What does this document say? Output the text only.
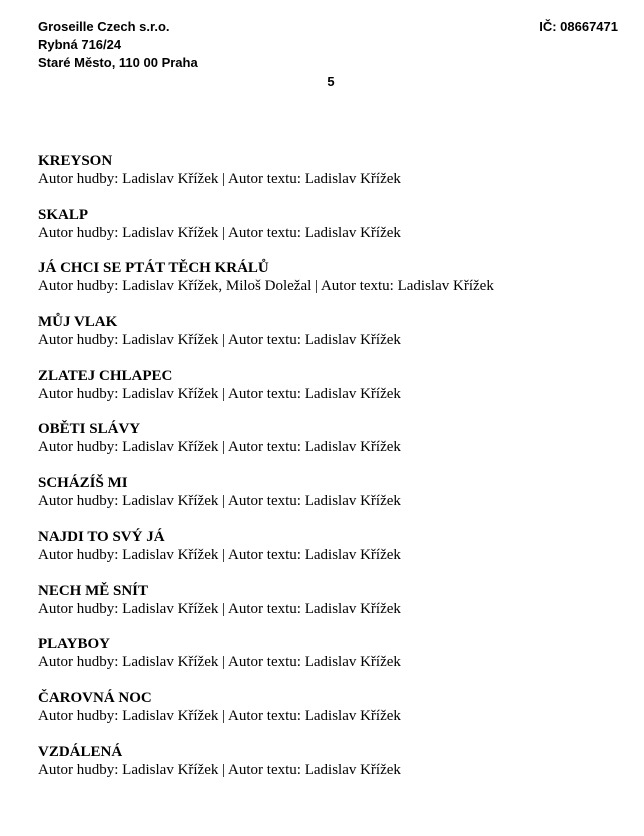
Groseille Czech s.r.o.
Rybná 716/24
Staré Město, 110 00 Praha
IČ: 08667471
5
KREYSON
Autor hudby: Ladislav Křížek | Autor textu: Ladislav Křížek
SKALP
Autor hudby: Ladislav Křížek | Autor textu: Ladislav Křížek
JÁ CHCI SE PTÁT TĚCH KRÁLŮ
Autor hudby: Ladislav Křížek, Miloš Doležal | Autor textu: Ladislav Křížek
MŮJ VLAK
Autor hudby: Ladislav Křížek | Autor textu: Ladislav Křížek
ZLATEJ CHLAPEC
Autor hudby: Ladislav Křížek | Autor textu: Ladislav Křížek
OBĚTI SLÁVY
Autor hudby: Ladislav Křížek | Autor textu: Ladislav Křížek
SCHÁZÍŠ MI
Autor hudby: Ladislav Křížek | Autor textu: Ladislav Křížek
NAJDI TO SVÝ JÁ
Autor hudby: Ladislav Křížek | Autor textu: Ladislav Křížek
NECH MĚ SNÍT
Autor hudby: Ladislav Křížek | Autor textu: Ladislav Křížek
PLAYBOY
Autor hudby: Ladislav Křížek | Autor textu: Ladislav Křížek
ČAROVNÁ NOC
Autor hudby: Ladislav Křížek | Autor textu: Ladislav Křížek
VZDÁLENÁ
Autor hudby: Ladislav Křížek | Autor textu: Ladislav Křížek
